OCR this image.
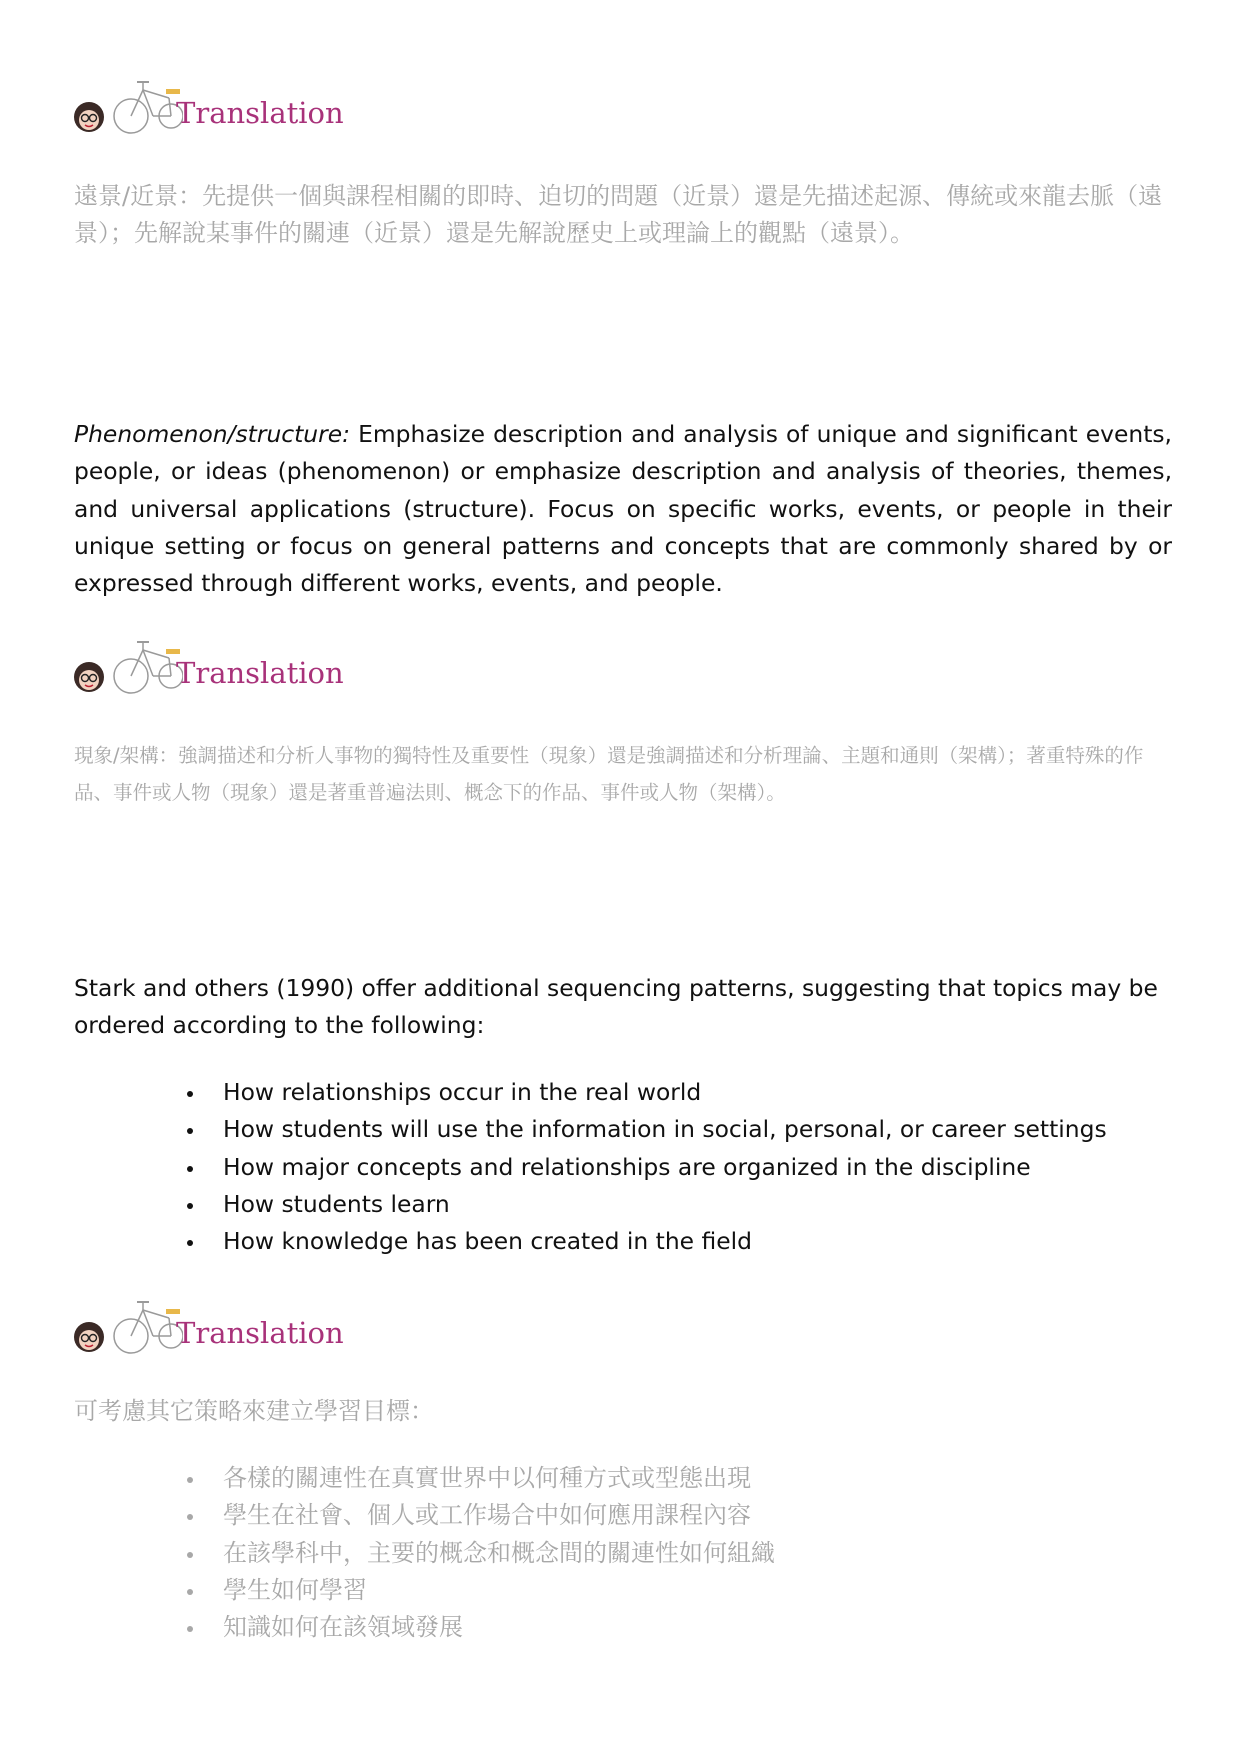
Translation

遠景/近景：先提供一個與課程相關的即時、迫切的問題（近景）還是先描述起源、傳統或來龍去脈（遠景）；先解說某事件的關連（近景）還是先解說歷史上或理論上的觀點（遠景）。

Phenomenon/structure: Emphasize description and analysis of unique and significant events, people, or ideas (phenomenon) or emphasize description and analysis of theories, themes, and universal applications (structure). Focus on specific works, events, or people in their unique setting or focus on general patterns and concepts that are commonly shared by or expressed through different works, events, and people.

Translation

現象/架構：強調描述和分析人事物的獨特性及重要性（現象）還是強調描述和分析理論、主題和通則（架構）；著重特殊的作品、事件或人物（現象）還是著重普遍法則、概念下的作品、事件或人物（架構）。

Stark and others (1990) offer additional sequencing patterns, suggesting that topics may be ordered according to the following:

How relationships occur in the real world
How students will use the information in social, personal, or career settings
How major concepts and relationships are organized in the discipline
How students learn
How knowledge has been created in the field
Translation

可考慮其它策略來建立學習目標：

各樣的關連性在真實世界中以何種方式或型態出現
學生在社會、個人或工作場合中如何應用課程內容
在該學科中，主要的概念和概念間的關連性如何組織
學生如何學習
知識如何在該領域發展
